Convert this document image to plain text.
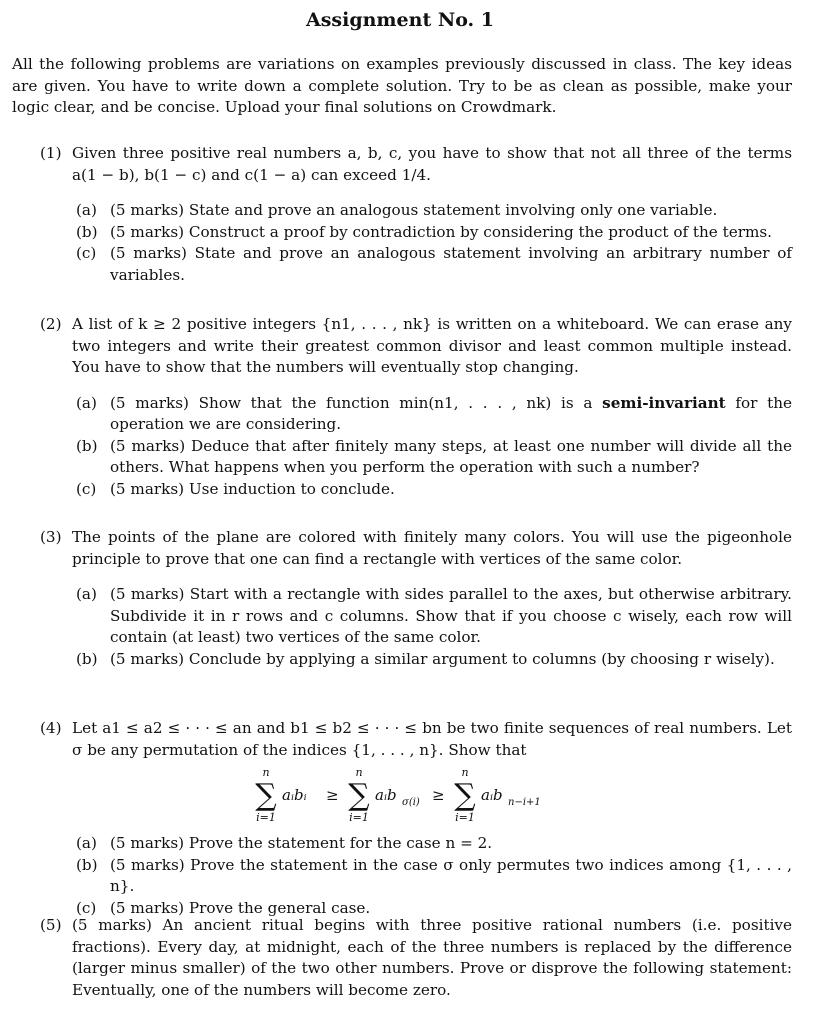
Assignment No. 1
All the following problems are variations on examples previously discussed in class. The key ideas are given. You have to write down a complete solution. Try to be as clean as possible, make your logic clear, and be concise. Upload your final solutions on Crowdmark.
(1) Given three positive real numbers a, b, c, you have to show that not all three of the terms a(1 − b), b(1 − c) and c(1 − a) can exceed 1/4.
(a) (5 marks) State and prove an analogous statement involving only one variable.
(b) (5 marks) Construct a proof by contradiction by considering the product of the terms.
(c) (5 marks) State and prove an analogous statement involving an arbitrary number of variables.
(2) A list of k ≥ 2 positive integers {n1, . . . , nk} is written on a whiteboard. We can erase any two integers and write their greatest common divisor and least common multiple instead. You have to show that the numbers will eventually stop changing.
(a) (5 marks) Show that the function min(n1, . . . , nk) is a semi-invariant for the operation we are considering.
(b) (5 marks) Deduce that after finitely many steps, at least one number will divide all the others. What happens when you perform the operation with such a number?
(c) (5 marks) Use induction to conclude.
(3) The points of the plane are colored with finitely many colors. You will use the pigeonhole principle to prove that one can find a rectangle with vertices of the same color.
(a) (5 marks) Start with a rectangle with sides parallel to the axes, but otherwise arbitrary. Subdivide it in r rows and c columns. Show that if you choose c wisely, each row will contain (at least) two vertices of the same color.
(b) (5 marks) Conclude by applying a similar argument to columns (by choosing r wisely).
(4) Let a1 ≤ a2 ≤ · · · ≤ an and b1 ≤ b2 ≤ · · · ≤ bn be two finite sequences of real numbers. Let σ be any permutation of the indices {1, . . . , n}. Show that
n
∑
i=1
aᵢbᵢ ≥
n
∑
i=1
aᵢb σ(i) ≥
n
∑
i=1
aᵢb n−i+1
(a) (5 marks) Prove the statement for the case n = 2.
(b) (5 marks) Prove the statement in the case σ only permutes two indices among {1, . . . , n}.
(c) (5 marks) Prove the general case.
(5) (5 marks) An ancient ritual begins with three positive rational numbers (i.e. positive fractions). Every day, at midnight, each of the three numbers is replaced by the difference (larger minus smaller) of the two other numbers. Prove or disprove the following statement: Eventually, one of the numbers will become zero.
